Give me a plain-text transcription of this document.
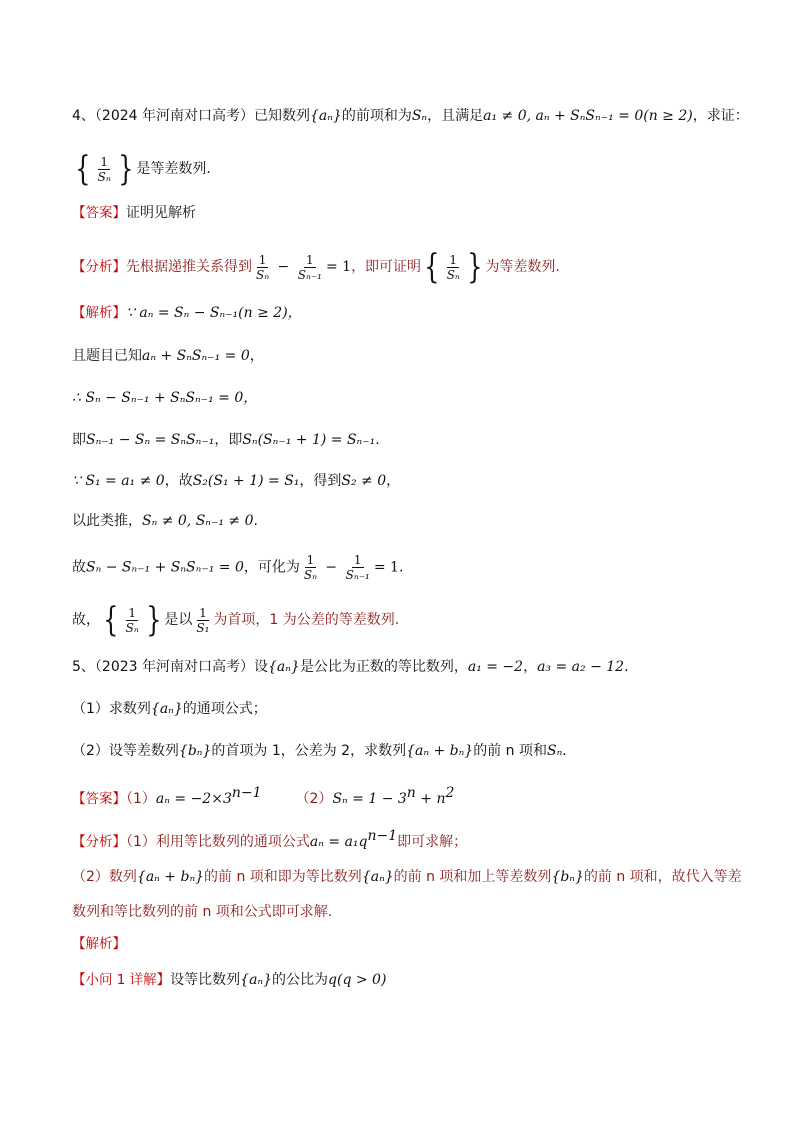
4、（2024 年河南对口高考）已知数列{aₙ}的前项和为Sₙ，且满足a₁ ≠ 0, aₙ + SₙSₙ₋₁ = 0(n ≥ 2)，求证：
{ $\frac{1}{\text{Sₙ}}$ } 是等差数列．
【答案】证明见解析
【分析】先根据递推关系得到 $\frac{1}{\text{Sₙ}} - \frac{1}{\text{Sₙ₋₁}} = 1$，即可证明 { $\frac{1}{\text{Sₙ}}$ } 为等差数列.
【解析】∵ aₙ = Sₙ − Sₙ₋₁(n ≥ 2)，
且题目已知aₙ + SₙSₙ₋₁ = 0，
∴ Sₙ − Sₙ₋₁ + SₙSₙ₋₁ = 0，
即Sₙ₋₁ − Sₙ = SₙSₙ₋₁，即Sₙ(Sₙ₋₁ + 1) = Sₙ₋₁.
∵ S₁ = a₁ ≠ 0，故S₂(S₁ + 1) = S₁，得到S₂ ≠ 0，
以此类推，Sₙ ≠ 0, Sₙ₋₁ ≠ 0.
故Sₙ − Sₙ₋₁ + SₙSₙ₋₁ = 0，可化为 $\frac{1}{\text{Sₙ}} - \frac{1}{\text{Sₙ₋₁}} = 1$.
故， { $\frac{1}{\text{Sₙ}}$ } 是以 $\frac{1}{\text{S₁}}$ 为首项，1 为公差的等差数列.
5、（2023 年河南对口高考）设{aₙ}是公比为正数的等比数列，a₁ = −2，a₃ = a₂ − 12．
（1）求数列{aₙ}的通项公式；
（2）设等差数列{bₙ}的首项为 1，公差为 2，求数列{aₙ + bₙ}的前 n 项和Sₙ．
【答案】$(1)a_n = -2\times 3^{n-1}$ $(2)S_n = 1 - 3^n + n^2$
【分析】（1）利用等比数列的通项公式$a_n = a_1q^{n-1}$即可求解；
（2）数列{aₙ + bₙ}的前 n 项和即为等比数列{aₙ}的前 n 项和加上等差数列{bₙ}的前 n 项和，故代入等差
数列和等比数列的前 n 项和公式即可求解.
【解析】
【小问 1 详解】设等比数列{aₙ}的公比为q(q > 0)
